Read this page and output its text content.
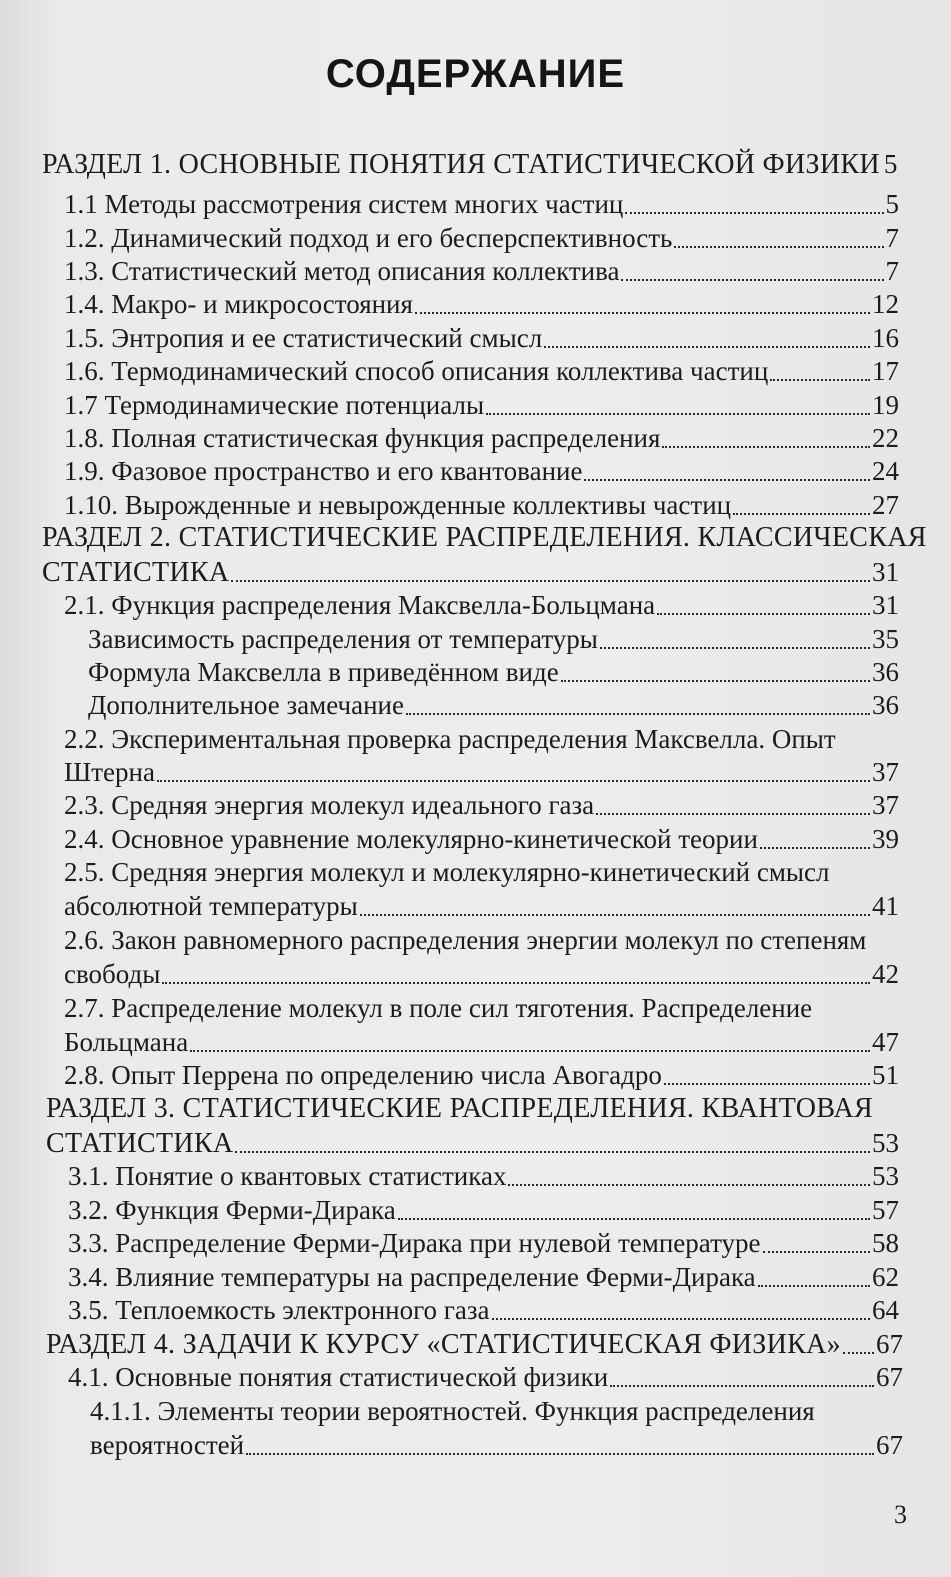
СОДЕРЖАНИЕ
РАЗДЕЛ 1. ОСНОВНЫЕ ПОНЯТИЯ СТАТИСТИЧЕСКОЙ ФИЗИКИ 5
1.1 Методы рассмотрения систем многих частиц	5
1.2. Динамический подход и его бесперспективность	7
1.3. Статистический метод описания коллектива	7
1.4. Макро- и микросостояния	12
1.5. Энтропия и ее статистический смысл	16
1.6. Термодинамический способ описания коллектива частиц	17
1.7 Термодинамические потенциалы	19
1.8. Полная статистическая функция распределения	22
1.9. Фазовое пространство и его квантование	24
1.10. Вырожденные и невырожденные коллективы частиц	27
РАЗДЕЛ 2. СТАТИСТИЧЕСКИЕ РАСПРЕДЕЛЕНИЯ. КЛАССИЧЕСКАЯ
СТАТИСТИКА	31
2.1. Функция распределения Максвелла-Больцмана	31
Зависимость распределения от температуры	35
Формула Максвелла в приведённом виде	36
Дополнительное замечание	36
2.2. Экспериментальная проверка распределения Максвелла. Опыт
Штерна	37
2.3. Средняя энергия молекул идеального газа	37
2.4. Основное уравнение молекулярно-кинетической теории	39
2.5. Средняя энергия молекул и молекулярно-кинетический смысл
абсолютной температуры	41
2.6. Закон равномерного распределения энергии молекул по степеням
свободы	42
2.7. Распределение молекул в поле сил тяготения. Распределение
Больцмана	47
2.8. Опыт Перрена по определению числа Авогадро	51
РАЗДЕЛ 3. СТАТИСТИЧЕСКИЕ РАСПРЕДЕЛЕНИЯ. КВАНТОВАЯ
СТАТИСТИКА	53
3.1. Понятие о квантовых статистиках	53
3.2. Функция Ферми-Дирака	57
3.3. Распределение Ферми-Дирака при нулевой температуре	58
3.4. Влияние температуры на распределение Ферми-Дирака	62
3.5. Теплоемкость электронного газа	64
РАЗДЕЛ 4. ЗАДАЧИ К КУРСУ «СТАТИСТИЧЕСКАЯ ФИЗИКА» 67
4.1. Основные понятия статистической физики	67
4.1.1. Элементы теории вероятностей. Функция распределения
вероятностей	67
3
